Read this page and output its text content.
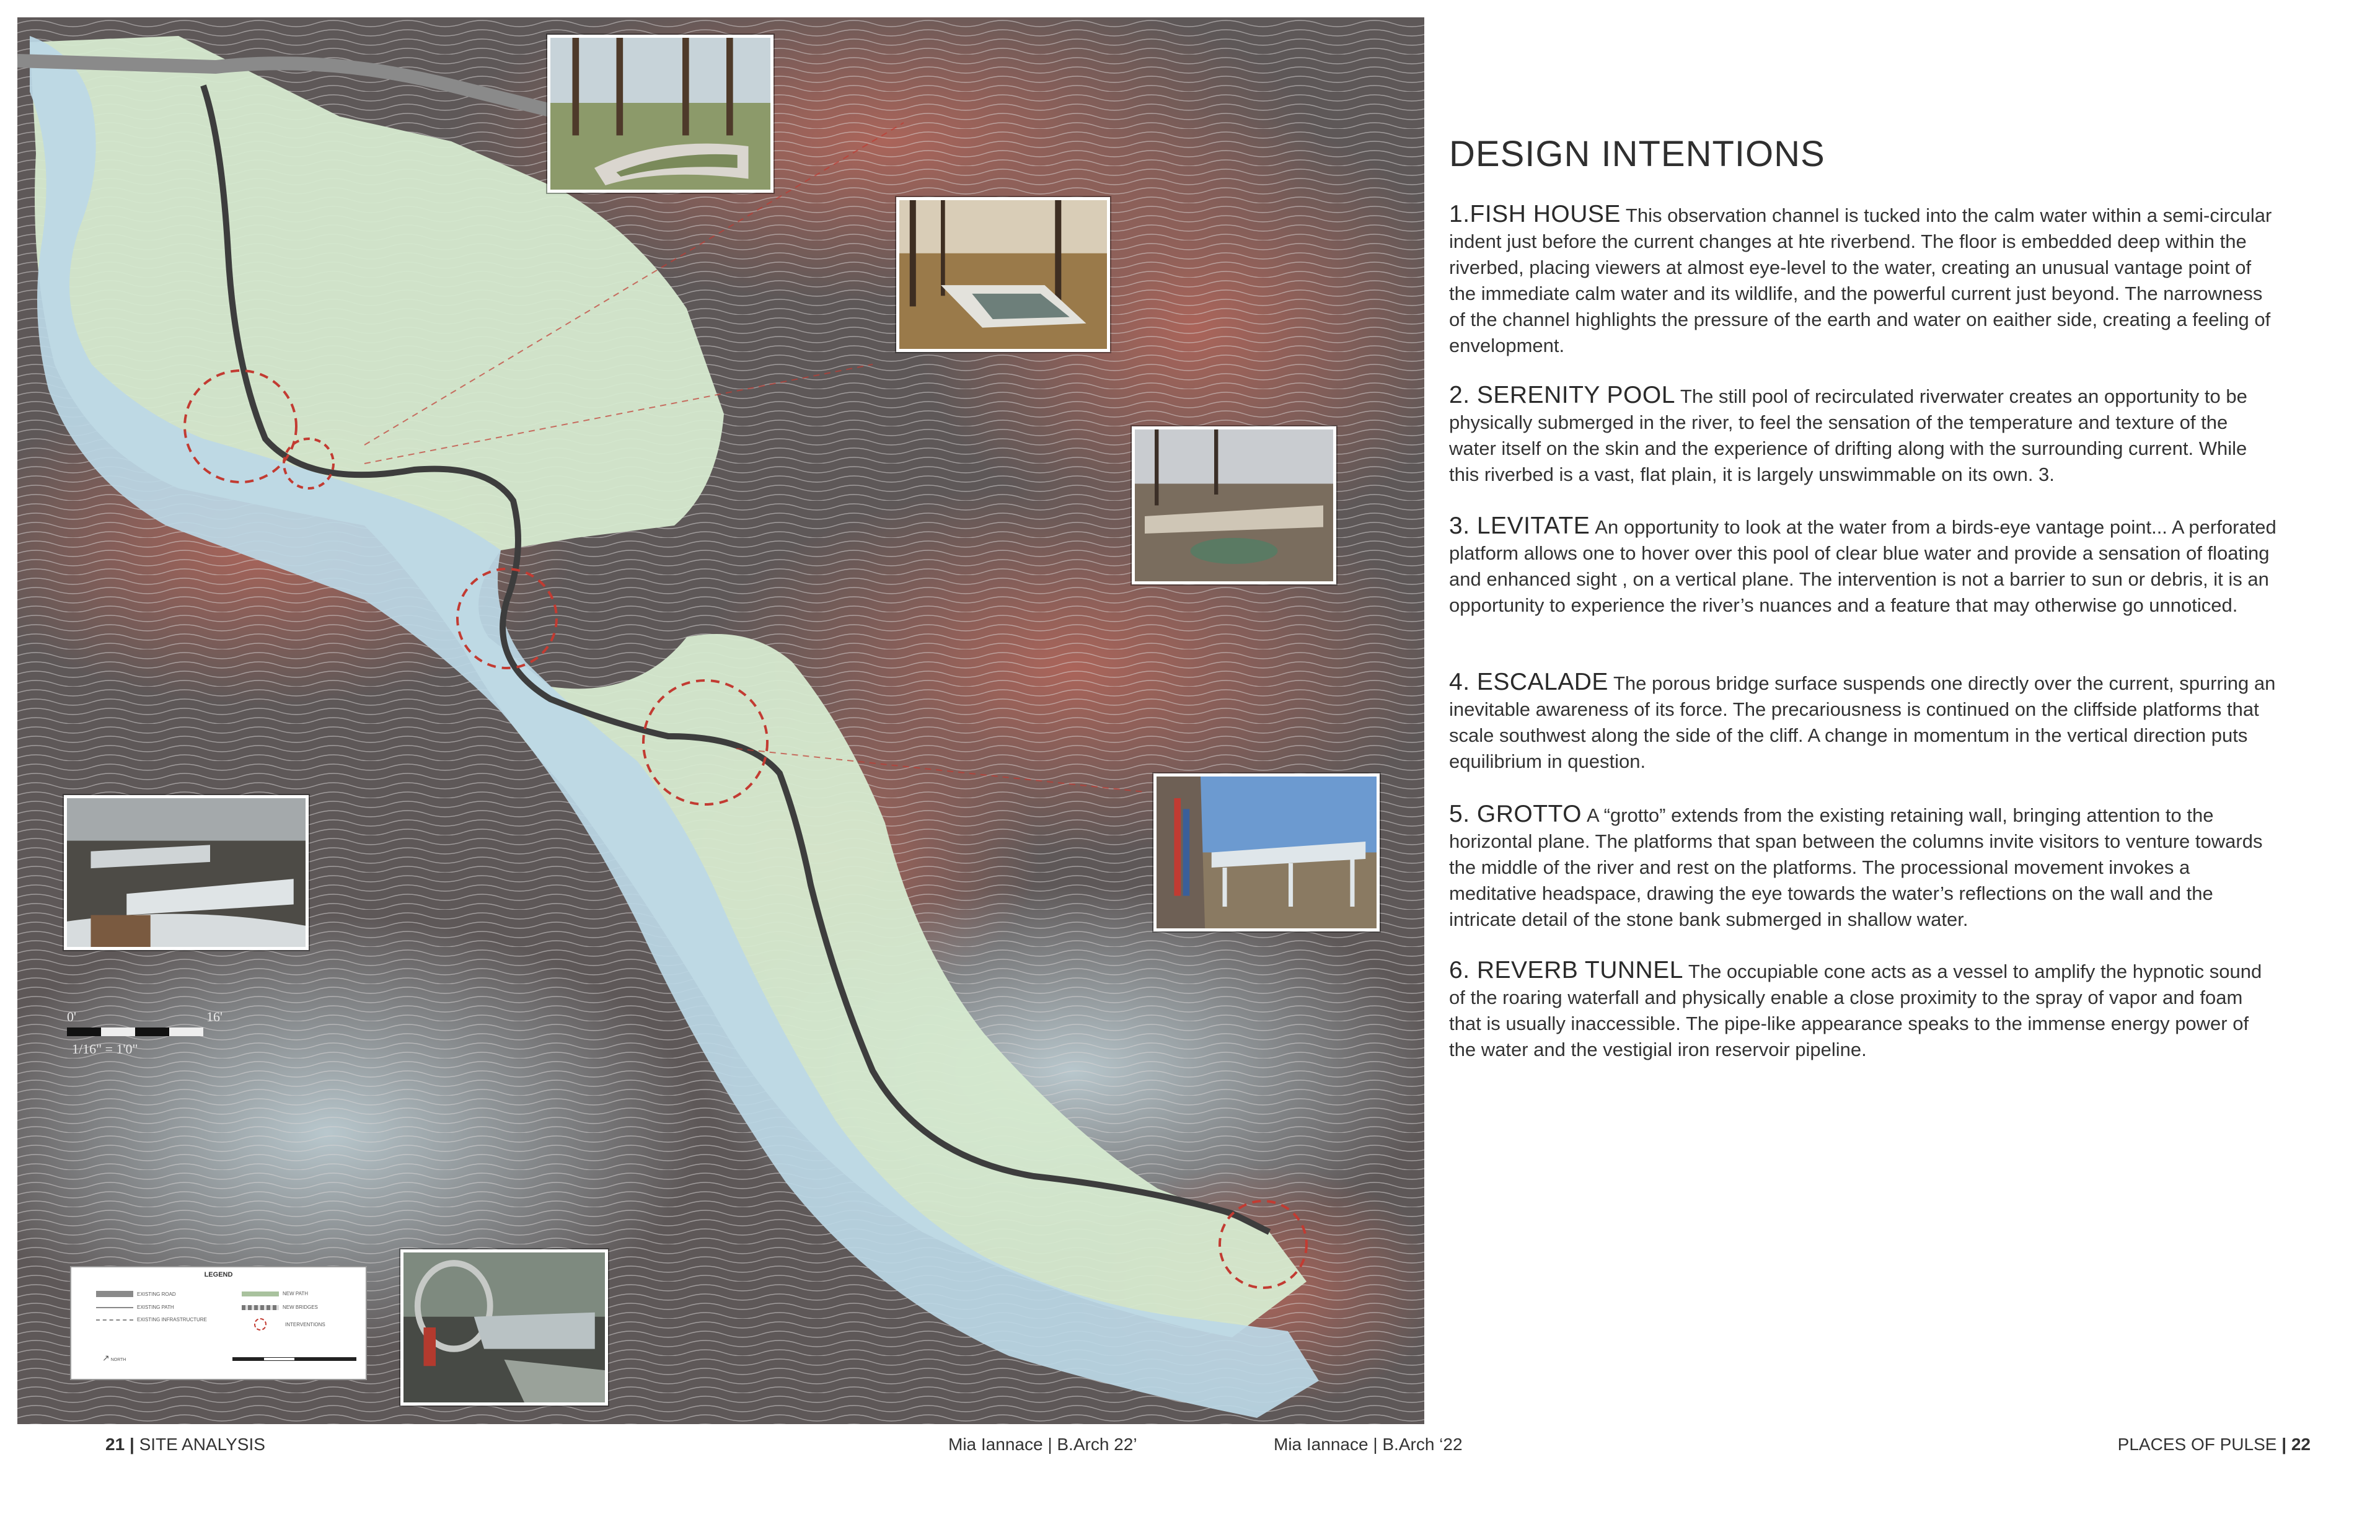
0'	16'
1/16" = 1'0"
LEGEND
EXISTING ROAD
EXISTING PATH
EXISTING INFRASTRUCTURE
NEW PATH
NEW BRIDGES
INTERVENTIONS
↗ NORTH
DESIGN INTENTIONS

1.FISH HOUSE This observation channel is tucked into the calm water within a semi-circular indent just before the current changes at hte riverbend. The floor is embedded deep within the riverbed, placing viewers at almost eye-level to the water, creating an unusual vantage point of the immediate calm water and its wildlife, and the powerful current just beyond. The narrowness of the channel highlights the pressure of the earth and water on eaither side, creating a feeling of envelopment.

2. SERENITY POOL The still pool of recirculated riverwater creates an opportunity to be physically submerged in the river, to feel the sensation of the temperature and texture of the water itself on the skin and the experience of drifting along with the surrounding current. While this riverbed is a vast, flat plain, it is largely unswimmable on its own. 3.

3. LEVITATE An opportunity to look at the water from a birds-eye vantage point... A perforated platform allows one to hover over this pool of clear blue water and provide a sensation of floating and enhanced sight , on a vertical plane. The intervention is not a barrier to sun or debris, it is an opportunity to experience the river’s nuances and a feature that may otherwise go unnoticed.

4. ESCALADE The porous bridge surface suspends one directly over the current, spurring an inevitable awareness of its force. The precariousness is continued on the cliffside platforms that scale southwest along the side of the cliff. A change in momentum in the vertical direction puts equilibrium in question.

5. GROTTO A “grotto” extends from the existing retaining wall, bringing attention to the horizontal plane. The platforms that span between the columns invite visitors to venture towards the middle of the river and rest on the platforms. The processional movement invokes a meditative headspace, drawing the eye towards the water’s reflections on the wall and the intricate detail of the stone bank submerged in shallow water.

6. REVERB TUNNEL The occupiable cone acts as a vessel to amplify the hypnotic sound of the roaring waterfall and physically enable a close proximity to the spray of vapor and foam that is usually inaccessible. The pipe-like appearance speaks to the immense energy power of the water and the vestigial iron reservoir pipeline.

21 | SITE ANALYSIS	Mia Iannace | B.Arch 22’	Mia Iannace | B.Arch ‘22	PLACES OF PULSE | 22
